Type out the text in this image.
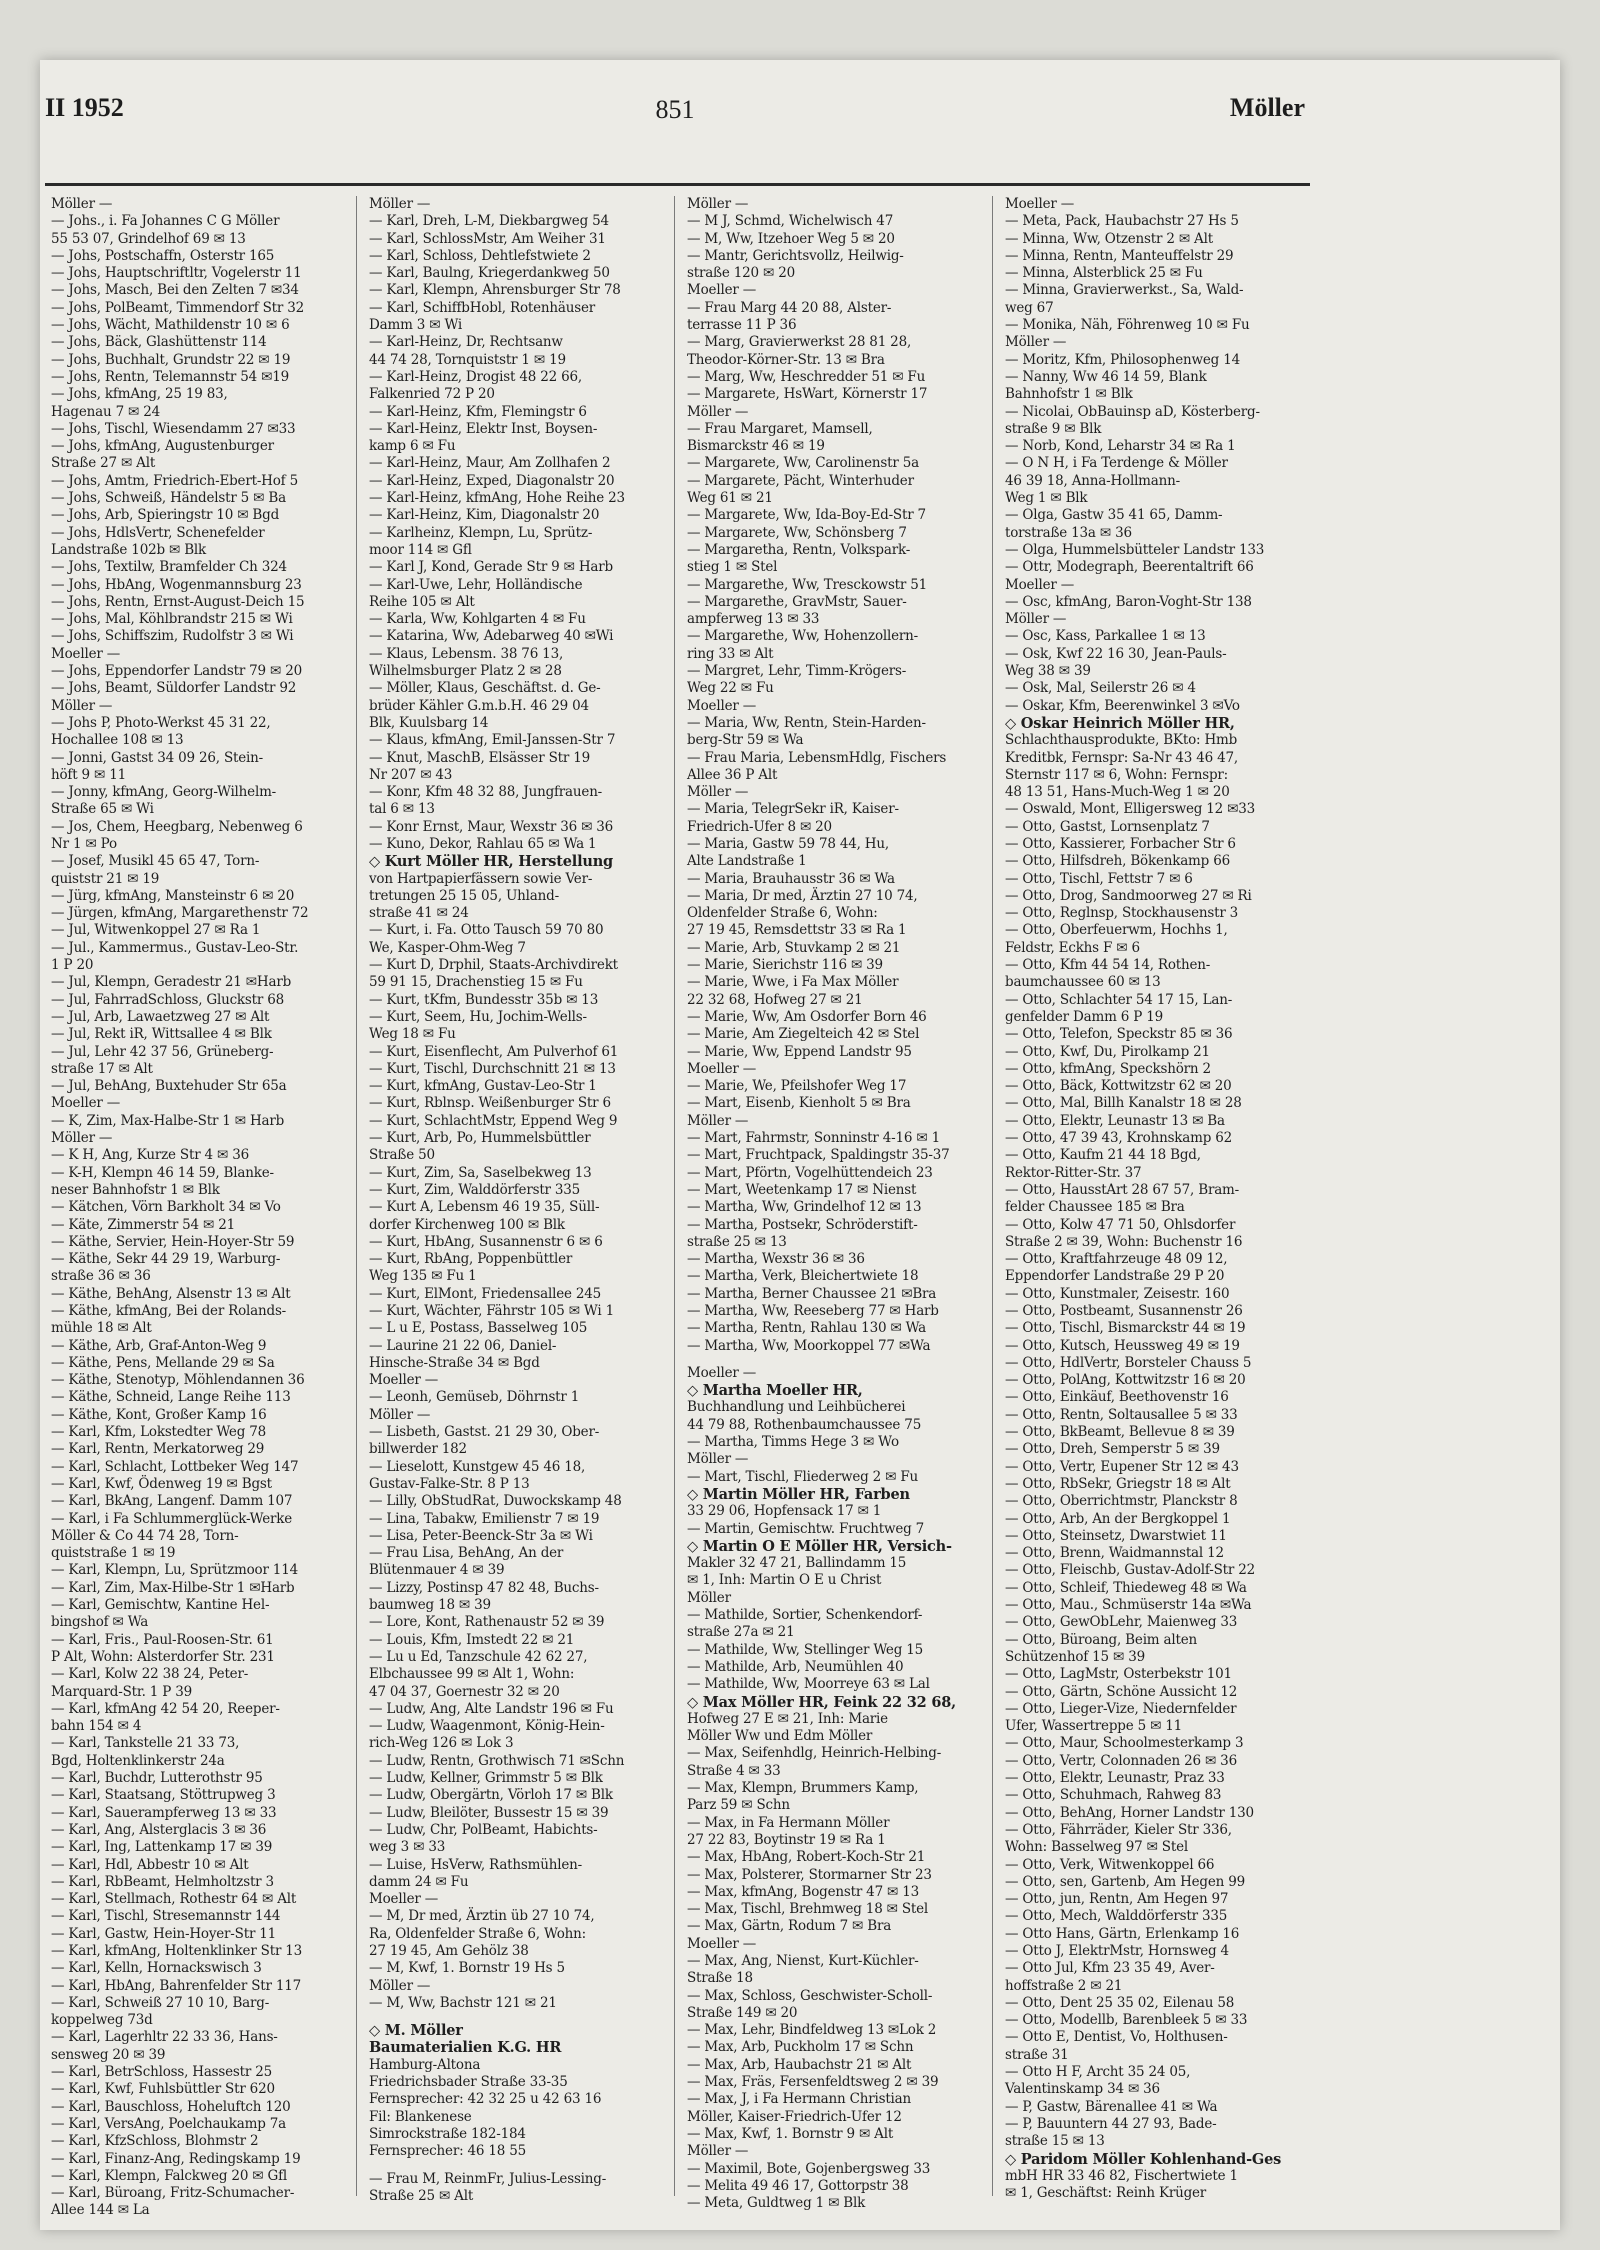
II 1952	851	Möller
Möller —
— Johs., i. Fa Johannes C G Möller
55 53 07, Grindelhof 69 ✉ 13
— Johs, Postschaffn, Osterstr 165
— Johs, Hauptschriftltr, Vogelerstr 11
— Johs, Masch, Bei den Zelten 7 ✉34
— Johs, PolBeamt, Timmendorf Str 32
— Johs, Wächt, Mathildenstr 10 ✉ 6
— Johs, Bäck, Glashüttenstr 114
— Johs, Buchhalt, Grundstr 22 ✉ 19
— Johs, Rentn, Telemannstr 54 ✉19
— Johs, kfmAng, 25 19 83,
Hagenau 7 ✉ 24
— Johs, Tischl, Wiesendamm 27 ✉33
— Johs, kfmAng, Augustenburger
Straße 27 ✉ Alt
— Johs, Amtm, Friedrich-Ebert-Hof 5
— Johs, Schweiß, Händelstr 5 ✉ Ba
— Johs, Arb, Spieringstr 10 ✉ Bgd
— Johs, HdlsVertr, Schenefelder
Landstraße 102b ✉ Blk
— Johs, Textilw, Bramfelder Ch 324
— Johs, HbAng, Wogenmannsburg 23
— Johs, Rentn, Ernst-August-Deich 15
— Johs, Mal, Köhlbrandstr 215 ✉ Wi
— Johs, Schiffszim, Rudolfstr 3 ✉ Wi
Moeller —
— Johs, Eppendorfer Landstr 79 ✉ 20
— Johs, Beamt, Süldorfer Landstr 92
Möller —
— Johs P, Photo-Werkst 45 31 22,
Hochallee 108 ✉ 13
— Jonni, Gastst 34 09 26, Stein-
höft 9 ✉ 11
— Jonny, kfmAng, Georg-Wilhelm-
Straße 65 ✉ Wi
— Jos, Chem, Heegbarg, Nebenweg 6
Nr 1 ✉ Po
— Josef, Musikl 45 65 47, Torn-
quiststr 21 ✉ 19
— Jürg, kfmAng, Mansteinstr 6 ✉ 20
— Jürgen, kfmAng, Margarethenstr 72
— Jul, Witwenkoppel 27 ✉ Ra 1
— Jul., Kammermus., Gustav-Leo-Str.
1 P 20
— Jul, Klempn, Geradestr 21 ✉Harb
— Jul, FahrradSchloss, Gluckstr 68
— Jul, Arb, Lawaetzweg 27 ✉ Alt
— Jul, Rekt iR, Wittsallee 4 ✉ Blk
— Jul, Lehr 42 37 56, Grüneberg-
straße 17 ✉ Alt
— Jul, BehAng, Buxtehuder Str 65a
Moeller —
— K, Zim, Max-Halbe-Str 1 ✉ Harb
Möller —
— K H, Ang, Kurze Str 4 ✉ 36
— K-H, Klempn 46 14 59, Blanke-
neser Bahnhofstr 1 ✉ Blk
— Kätchen, Vörn Barkholt 34 ✉ Vo
— Käte, Zimmerstr 54 ✉ 21
— Käthe, Servier, Hein-Hoyer-Str 59
— Käthe, Sekr 44 29 19, Warburg-
straße 36 ✉ 36
— Käthe, BehAng, Alsenstr 13 ✉ Alt
— Käthe, kfmAng, Bei der Rolands-
mühle 18 ✉ Alt
— Käthe, Arb, Graf-Anton-Weg 9
— Käthe, Pens, Mellande 29 ✉ Sa
— Käthe, Stenotyp, Möhlendannen 36
— Käthe, Schneid, Lange Reihe 113
— Käthe, Kont, Großer Kamp 16
— Karl, Kfm, Lokstedter Weg 78
— Karl, Rentn, Merkatorweg 29
— Karl, Schlacht, Lottbeker Weg 147
— Karl, Kwf, Ödenweg 19 ✉ Bgst
— Karl, BkAng, Langenf. Damm 107
— Karl, i Fa Schlummerglück-Werke
Möller & Co 44 74 28, Torn-
quiststraße 1 ✉ 19
— Karl, Klempn, Lu, Sprützmoor 114
— Karl, Zim, Max-Hilbe-Str 1 ✉Harb
— Karl, Gemischtw, Kantine Hel-
bingshof ✉ Wa
— Karl, Fris., Paul-Roosen-Str. 61
P Alt, Wohn: Alsterdorfer Str. 231
— Karl, Kolw 22 38 24, Peter-
Marquard-Str. 1 P 39
— Karl, kfmAng 42 54 20, Reeper-
bahn 154 ✉ 4
— Karl, Tankstelle 21 33 73,
Bgd, Holtenklinkerstr 24a
— Karl, Buchdr, Lutterothstr 95
— Karl, Staatsang, Stöttrupweg 3
— Karl, Sauerampferweg 13 ✉ 33
— Karl, Ang, Alsterglacis 3 ✉ 36
— Karl, Ing, Lattenkamp 17 ✉ 39
— Karl, Hdl, Abbestr 10 ✉ Alt
— Karl, RbBeamt, Helmholtzstr 3
— Karl, Stellmach, Rothestr 64 ✉ Alt
— Karl, Tischl, Stresemannstr 144
— Karl, Gastw, Hein-Hoyer-Str 11
— Karl, kfmAng, Holtenklinker Str 13
— Karl, Kelln, Hornackswisch 3
— Karl, HbAng, Bahrenfelder Str 117
— Karl, Schweiß 27 10 10, Barg-
koppelweg 73d
— Karl, Lagerhltr 22 33 36, Hans-
sensweg 20 ✉ 39
— Karl, BetrSchloss, Hassestr 25
— Karl, Kwf, Fuhlsbüttler Str 620
— Karl, Bauschloss, Hoheluftch 120
— Karl, VersAng, Poelchaukamp 7a
— Karl, KfzSchloss, Blohmstr 2
— Karl, Finanz-Ang, Redingskamp 19
— Karl, Klempn, Falckweg 20 ✉ Gfl
— Karl, Büroang, Fritz-Schumacher-
Allee 144 ✉ La
Möller —
— Karl, Dreh, L-M, Diekbargweg 54
— Karl, SchlossMstr, Am Weiher 31
— Karl, Schloss, Dehtlefstwiete 2
— Karl, Baulng, Kriegerdankweg 50
— Karl, Klempn, Ahrensburger Str 78
— Karl, SchiffbHobl, Rotenhäuser
Damm 3 ✉ Wi
— Karl-Heinz, Dr, Rechtsanw
44 74 28, Tornquiststr 1 ✉ 19
— Karl-Heinz, Drogist 48 22 66,
Falkenried 72 P 20
— Karl-Heinz, Kfm, Flemingstr 6
— Karl-Heinz, Elektr Inst, Boysen-
kamp 6 ✉ Fu
— Karl-Heinz, Maur, Am Zollhafen 2
— Karl-Heinz, Exped, Diagonalstr 20
— Karl-Heinz, kfmAng, Hohe Reihe 23
— Karl-Heinz, Kim, Diagonalstr 20
— Karlheinz, Klempn, Lu, Sprütz-
moor 114 ✉ Gfl
— Karl J, Kond, Gerade Str 9 ✉ Harb
— Karl-Uwe, Lehr, Holländische
Reihe 105 ✉ Alt
— Karla, Ww, Kohlgarten 4 ✉ Fu
— Katarina, Ww, Adebarweg 40 ✉Wi
— Klaus, Lebensm. 38 76 13,
Wilhelmsburger Platz 2 ✉ 28
— Möller, Klaus, Geschäftst. d. Ge-
brüder Kähler G.m.b.H. 46 29 04
Blk, Kuulsbarg 14
— Klaus, kfmAng, Emil-Janssen-Str 7
— Knut, MaschB, Elsässer Str 19
Nr 207 ✉ 43
— Konr, Kfm 48 32 88, Jungfrauen-
tal 6 ✉ 13
— Konr Ernst, Maur, Wexstr 36 ✉ 36
— Kuno, Dekor, Rahlau 65 ✉ Wa 1
◇ Kurt Möller HR, Herstellung
von Hartpapierfässern sowie Ver-
tretungen 25 15 05, Uhland-
straße 41 ✉ 24
— Kurt, i. Fa. Otto Tausch 59 70 80
We, Kasper-Ohm-Weg 7
— Kurt D, Drphil, Staats-Archivdirekt
59 91 15, Drachenstieg 15 ✉ Fu
— Kurt, tKfm, Bundesstr 35b ✉ 13
— Kurt, Seem, Hu, Jochim-Wells-
Weg 18 ✉ Fu
— Kurt, Eisenflecht, Am Pulverhof 61
— Kurt, Tischl, Durchschnitt 21 ✉ 13
— Kurt, kfmAng, Gustav-Leo-Str 1
— Kurt, Rblnsp. Weißenburger Str 6
— Kurt, SchlachtMstr, Eppend Weg 9
— Kurt, Arb, Po, Hummelsbüttler
Straße 50
— Kurt, Zim, Sa, Saselbekweg 13
— Kurt, Zim, Walddörferstr 335
— Kurt A, Lebensm 46 19 35, Süll-
dorfer Kirchenweg 100 ✉ Blk
— Kurt, HbAng, Susannenstr 6 ✉ 6
— Kurt, RbAng, Poppenbüttler
Weg 135 ✉ Fu 1
— Kurt, ElMont, Friedensallee 245
— Kurt, Wächter, Fährstr 105 ✉ Wi 1
— L u E, Postass, Basselweg 105
— Laurine 21 22 06, Daniel-
Hinsche-Straße 34 ✉ Bgd
Moeller —
— Leonh, Gemüseb, Döhrnstr 1
Möller —
— Lisbeth, Gastst. 21 29 30, Ober-
billwerder 182
— Lieselott, Kunstgew 45 46 18,
Gustav-Falke-Str. 8 P 13
— Lilly, ObStudRat, Duwockskamp 48
— Lina, Tabakw, Emilienstr 7 ✉ 19
— Lisa, Peter-Beenck-Str 3a ✉ Wi
— Frau Lisa, BehAng, An der
Blütenmauer 4 ✉ 39
— Lizzy, Postinsp 47 82 48, Buchs-
baumweg 18 ✉ 39
— Lore, Kont, Rathenaustr 52 ✉ 39
— Louis, Kfm, Imstedt 22 ✉ 21
— Lu u Ed, Tanzschule 42 62 27,
Elbchaussee 99 ✉ Alt 1, Wohn:
47 04 37, Goernestr 32 ✉ 20
— Ludw, Ang, Alte Landstr 196 ✉ Fu
— Ludw, Waagenmont, König-Hein-
rich-Weg 126 ✉ Lok 3
— Ludw, Rentn, Grothwisch 71 ✉Schn
— Ludw, Kellner, Grimmstr 5 ✉ Blk
— Ludw, Obergärtn, Vörloh 17 ✉ Blk
— Ludw, Bleilöter, Bussestr 15 ✉ 39
— Ludw, Chr, PolBeamt, Habichts-
weg 3 ✉ 33
— Luise, HsVerw, Rathsmühlen-
damm 24 ✉ Fu
Moeller —
— M, Dr med, Ärztin üb 27 10 74,
Ra, Oldenfelder Straße 6, Wohn:
27 19 45, Am Gehölz 38
— M, Kwf, 1. Bornstr 19 Hs 5
Möller —
— M, Ww, Bachstr 121 ✉ 21
◇ M. Möller
Baumaterialien K.G. HR
Hamburg-Altona
Friedrichsbader Straße 33-35
Fernsprecher: 42 32 25 u 42 63 16
Fil: Blankenese
Simrockstraße 182-184
Fernsprecher: 46 18 55
— Frau M, ReinmFr, Julius-Lessing-
Straße 25 ✉ Alt
Möller —
— M J, Schmd, Wichelwisch 47
— M, Ww, Itzehoer Weg 5 ✉ 20
— Mantr, Gerichtsvollz, Heilwig-
straße 120 ✉ 20
Moeller —
— Frau Marg 44 20 88, Alster-
terrasse 11 P 36
— Marg, Gravierwerkst 28 81 28,
Theodor-Körner-Str. 13 ✉ Bra
— Marg, Ww, Heschredder 51 ✉ Fu
— Margarete, HsWart, Körnerstr 17
Möller —
— Frau Margaret, Mamsell,
Bismarckstr 46 ✉ 19
— Margarete, Ww, Carolinenstr 5a
— Margarete, Pächt, Winterhuder
Weg 61 ✉ 21
— Margarete, Ww, Ida-Boy-Ed-Str 7
— Margarete, Ww, Schönsberg 7
— Margaretha, Rentn, Volkspark-
stieg 1 ✉ Stel
— Margarethe, Ww, Tresckowstr 51
— Margarethe, GravMstr, Sauer-
ampferweg 13 ✉ 33
— Margarethe, Ww, Hohenzollern-
ring 33 ✉ Alt
— Margret, Lehr, Timm-Krögers-
Weg 22 ✉ Fu
Moeller —
— Maria, Ww, Rentn, Stein-Harden-
berg-Str 59 ✉ Wa
— Frau Maria, LebensmHdlg, Fischers
Allee 36 P Alt
Möller —
— Maria, TelegrSekr iR, Kaiser-
Friedrich-Ufer 8 ✉ 20
— Maria, Gastw 59 78 44, Hu,
Alte Landstraße 1
— Maria, Brauhausstr 36 ✉ Wa
— Maria, Dr med, Ärztin 27 10 74,
Oldenfelder Straße 6, Wohn:
27 19 45, Remsdettstr 33 ✉ Ra 1
— Marie, Arb, Stuvkamp 2 ✉ 21
— Marie, Sierichstr 116 ✉ 39
— Marie, Wwe, i Fa Max Möller
22 32 68, Hofweg 27 ✉ 21
— Marie, Ww, Am Osdorfer Born 46
— Marie, Am Ziegelteich 42 ✉ Stel
— Marie, Ww, Eppend Landstr 95
Moeller —
— Marie, We, Pfeilshofer Weg 17
— Mart, Eisenb, Kienholt 5 ✉ Bra
Möller —
— Mart, Fahrmstr, Sonninstr 4-16 ✉ 1
— Mart, Fruchtpack, Spaldingstr 35-37
— Mart, Pförtn, Vogelhüttendeich 23
— Mart, Weetenkamp 17 ✉ Nienst
— Martha, Ww, Grindelhof 12 ✉ 13
— Martha, Postsekr, Schröderstift-
straße 25 ✉ 13
— Martha, Wexstr 36 ✉ 36
— Martha, Verk, Bleichertwiete 18
— Martha, Berner Chaussee 21 ✉Bra
— Martha, Ww, Reeseberg 77 ✉ Harb
— Martha, Rentn, Rahlau 130 ✉ Wa
— Martha, Ww, Moorkoppel 77 ✉Wa
Moeller —
◇ Martha Moeller HR,
Buchhandlung und Leihbücherei
44 79 88, Rothenbaumchaussee 75
— Martha, Timms Hege 3 ✉ Wo
Möller —
— Mart, Tischl, Fliederweg 2 ✉ Fu
◇ Martin Möller HR, Farben
33 29 06, Hopfensack 17 ✉ 1
— Martin, Gemischtw. Fruchtweg 7
◇ Martin O E Möller HR, Versich-
Makler 32 47 21, Ballindamm 15
✉ 1, Inh: Martin O E u Christ
Möller
— Mathilde, Sortier, Schenkendorf-
straße 27a ✉ 21
— Mathilde, Ww, Stellinger Weg 15
— Mathilde, Arb, Neumühlen 40
— Mathilde, Ww, Moorreye 63 ✉ Lal
◇ Max Möller HR, Feink 22 32 68,
Hofweg 27 E ✉ 21, Inh: Marie
Möller Ww und Edm Möller
— Max, Seifenhdlg, Heinrich-Helbing-
Straße 4 ✉ 33
— Max, Klempn, Brummers Kamp,
Parz 59 ✉ Schn
— Max, in Fa Hermann Möller
27 22 83, Boytinstr 19 ✉ Ra 1
— Max, HbAng, Robert-Koch-Str 21
— Max, Polsterer, Stormarner Str 23
— Max, kfmAng, Bogenstr 47 ✉ 13
— Max, Tischl, Brehmweg 18 ✉ Stel
— Max, Gärtn, Rodum 7 ✉ Bra
Moeller —
— Max, Ang, Nienst, Kurt-Küchler-
Straße 18
— Max, Schloss, Geschwister-Scholl-
Straße 149 ✉ 20
— Max, Lehr, Bindfeldweg 13 ✉Lok 2
— Max, Arb, Puckholm 17 ✉ Schn
— Max, Arb, Haubachstr 21 ✉ Alt
— Max, Fräs, Fersenfeldtsweg 2 ✉ 39
— Max, J, i Fa Hermann Christian
Möller, Kaiser-Friedrich-Ufer 12
— Max, Kwf, 1. Bornstr 9 ✉ Alt
Möller —
— Maximil, Bote, Gojenbergsweg 33
— Melita 49 46 17, Gottorpstr 38
— Meta, Guldtweg 1 ✉ Blk
Moeller —
— Meta, Pack, Haubachstr 27 Hs 5
— Minna, Ww, Otzenstr 2 ✉ Alt
— Minna, Rentn, Manteuffelstr 29
— Minna, Alsterblick 25 ✉ Fu
— Minna, Gravierwerkst., Sa, Wald-
weg 67
— Monika, Näh, Föhrenweg 10 ✉ Fu
Möller —
— Moritz, Kfm, Philosophenweg 14
— Nanny, Ww 46 14 59, Blank
Bahnhofstr 1 ✉ Blk
— Nicolai, ObBauinsp aD, Kösterberg-
straße 9 ✉ Blk
— Norb, Kond, Leharstr 34 ✉ Ra 1
— O N H, i Fa Terdenge & Möller
46 39 18, Anna-Hollmann-
Weg 1 ✉ Blk
— Olga, Gastw 35 41 65, Damm-
torstraße 13a ✉ 36
— Olga, Hummelsbütteler Landstr 133
— Ottr, Modegraph, Beerentaltrift 66
Moeller —
— Osc, kfmAng, Baron-Voght-Str 138
Möller —
— Osc, Kass, Parkallee 1 ✉ 13
— Osk, Kwf 22 16 30, Jean-Pauls-
Weg 38 ✉ 39
— Osk, Mal, Seilerstr 26 ✉ 4
— Oskar, Kfm, Beerenwinkel 3 ✉Vo
◇ Oskar Heinrich Möller HR,
Schlachthausprodukte, BKto: Hmb
Kreditbk, Fernspr: Sa-Nr 43 46 47,
Sternstr 117 ✉ 6, Wohn: Fernspr:
48 13 51, Hans-Much-Weg 1 ✉ 20
— Oswald, Mont, Elligersweg 12 ✉33
— Otto, Gastst, Lornsenplatz 7
— Otto, Kassierer, Forbacher Str 6
— Otto, Hilfsdreh, Bökenkamp 66
— Otto, Tischl, Fettstr 7 ✉ 6
— Otto, Drog, Sandmoorweg 27 ✉ Ri
— Otto, Reglnsp, Stockhausenstr 3
— Otto, Oberfeuerwm, Hochhs 1,
Feldstr, Eckhs F ✉ 6
— Otto, Kfm 44 54 14, Rothen-
baumchaussee 60 ✉ 13
— Otto, Schlachter 54 17 15, Lan-
genfelder Damm 6 P 19
— Otto, Telefon, Speckstr 85 ✉ 36
— Otto, Kwf, Du, Pirolkamp 21
— Otto, kfmAng, Speckshörn 2
— Otto, Bäck, Kottwitzstr 62 ✉ 20
— Otto, Mal, Billh Kanalstr 18 ✉ 28
— Otto, Elektr, Leunastr 13 ✉ Ba
— Otto, 47 39 43, Krohnskamp 62
— Otto, Kaufm 21 44 18 Bgd,
Rektor-Ritter-Str. 37
— Otto, HausstArt 28 67 57, Bram-
felder Chaussee 185 ✉ Bra
— Otto, Kolw 47 71 50, Ohlsdorfer
Straße 2 ✉ 39, Wohn: Buchenstr 16
— Otto, Kraftfahrzeuge 48 09 12,
Eppendorfer Landstraße 29 P 20
— Otto, Kunstmaler, Zeisestr. 160
— Otto, Postbeamt, Susannenstr 26
— Otto, Tischl, Bismarckstr 44 ✉ 19
— Otto, Kutsch, Heussweg 49 ✉ 19
— Otto, HdlVertr, Borsteler Chauss 5
— Otto, PolAng, Kottwitzstr 16 ✉ 20
— Otto, Einkäuf, Beethovenstr 16
— Otto, Rentn, Soltausallee 5 ✉ 33
— Otto, BkBeamt, Bellevue 8 ✉ 39
— Otto, Dreh, Semperstr 5 ✉ 39
— Otto, Vertr, Eupener Str 12 ✉ 43
— Otto, RbSekr, Griegstr 18 ✉ Alt
— Otto, Oberrichtmstr, Planckstr 8
— Otto, Arb, An der Bergkoppel 1
— Otto, Steinsetz, Dwarstwiet 11
— Otto, Brenn, Waidmannstal 12
— Otto, Fleischb, Gustav-Adolf-Str 22
— Otto, Schleif, Thiedeweg 48 ✉ Wa
— Otto, Mau., Schmüserstr 14a ✉Wa
— Otto, GewObLehr, Maienweg 33
— Otto, Büroang, Beim alten
Schützenhof 15 ✉ 39
— Otto, LagMstr, Osterbekstr 101
— Otto, Gärtn, Schöne Aussicht 12
— Otto, Lieger-Vize, Niedernfelder
Ufer, Wassertreppe 5 ✉ 11
— Otto, Maur, Schoolmesterkamp 3
— Otto, Vertr, Colonnaden 26 ✉ 36
— Otto, Elektr, Leunastr, Praz 33
— Otto, Schuhmach, Rahweg 83
— Otto, BehAng, Horner Landstr 130
— Otto, Fährräder, Kieler Str 336,
Wohn: Basselweg 97 ✉ Stel
— Otto, Verk, Witwenkoppel 66
— Otto, sen, Gartenb, Am Hegen 99
— Otto, jun, Rentn, Am Hegen 97
— Otto, Mech, Walddörferstr 335
— Otto Hans, Gärtn, Erlenkamp 16
— Otto J, ElektrMstr, Hornsweg 4
— Otto Jul, Kfm 23 35 49, Aver-
hoffstraße 2 ✉ 21
— Otto, Dent 25 35 02, Eilenau 58
— Otto, Modellb, Barenbleek 5 ✉ 33
— Otto E, Dentist, Vo, Holthusen-
straße 31
— Otto H F, Archt 35 24 05,
Valentinskamp 34 ✉ 36
— P, Gastw, Bärenallee 41 ✉ Wa
— P, Bauuntern 44 27 93, Bade-
straße 15 ✉ 13
◇ Paridom Möller Kohlenhand-Ges
mbH HR 33 46 82, Fischertwiete 1
✉ 1, Geschäftst: Reinh Krüger
